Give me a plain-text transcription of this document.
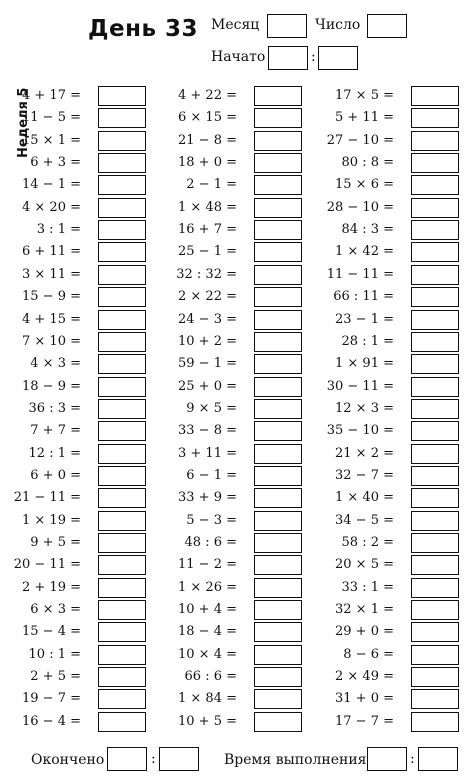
День 33 Месяц	Число
Начато	:
Неделя 5
4 + 17 =
11 − 5 =
15 × 1 =
6 + 3 =
14 − 1 =
4 × 20 =
3 : 1 =
6 + 11 =
3 × 11 =
15 − 9 =
4 + 15 =
7 × 10 =
4 × 3 =
18 − 9 =
36 : 3 =
7 + 7 =
12 : 1 =
6 + 0 =
21 − 11 =
1 × 19 =
9 + 5 =
20 − 11 =
2 + 19 =
6 × 3 =
15 − 4 =
10 : 1 =
2 + 5 =
19 − 7 =
16 − 4 =
4 + 22 =
6 × 15 =
21 − 8 =
18 + 0 =
2 − 1 =
1 × 48 =
16 + 7 =
25 − 1 =
32 : 32 =
2 × 22 =
24 − 3 =
10 + 2 =
59 − 1 =
25 + 0 =
9 × 5 =
33 − 8 =
3 + 11 =
6 − 1 =
33 + 9 =
5 − 3 =
48 : 6 =
11 − 2 =
1 × 26 =
10 + 4 =
18 − 4 =
10 × 4 =
66 : 6 =
1 × 84 =
10 + 5 =
17 × 5 =
5 + 11 =
27 − 10 =
80 : 8 =
15 × 6 =
28 − 10 =
84 : 3 =
1 × 42 =
11 − 11 =
66 : 11 =
23 − 1 =
28 : 1 =
1 × 91 =
30 − 11 =
12 × 3 =
35 − 10 =
21 × 2 =
32 − 7 =
1 × 40 =
34 − 5 =
58 : 2 =
20 × 5 =
33 : 1 =
32 × 1 =
29 + 0 =
8 − 6 =
2 × 49 =
31 + 0 =
17 − 7 =
Окончено	:	Время выполнения	:
